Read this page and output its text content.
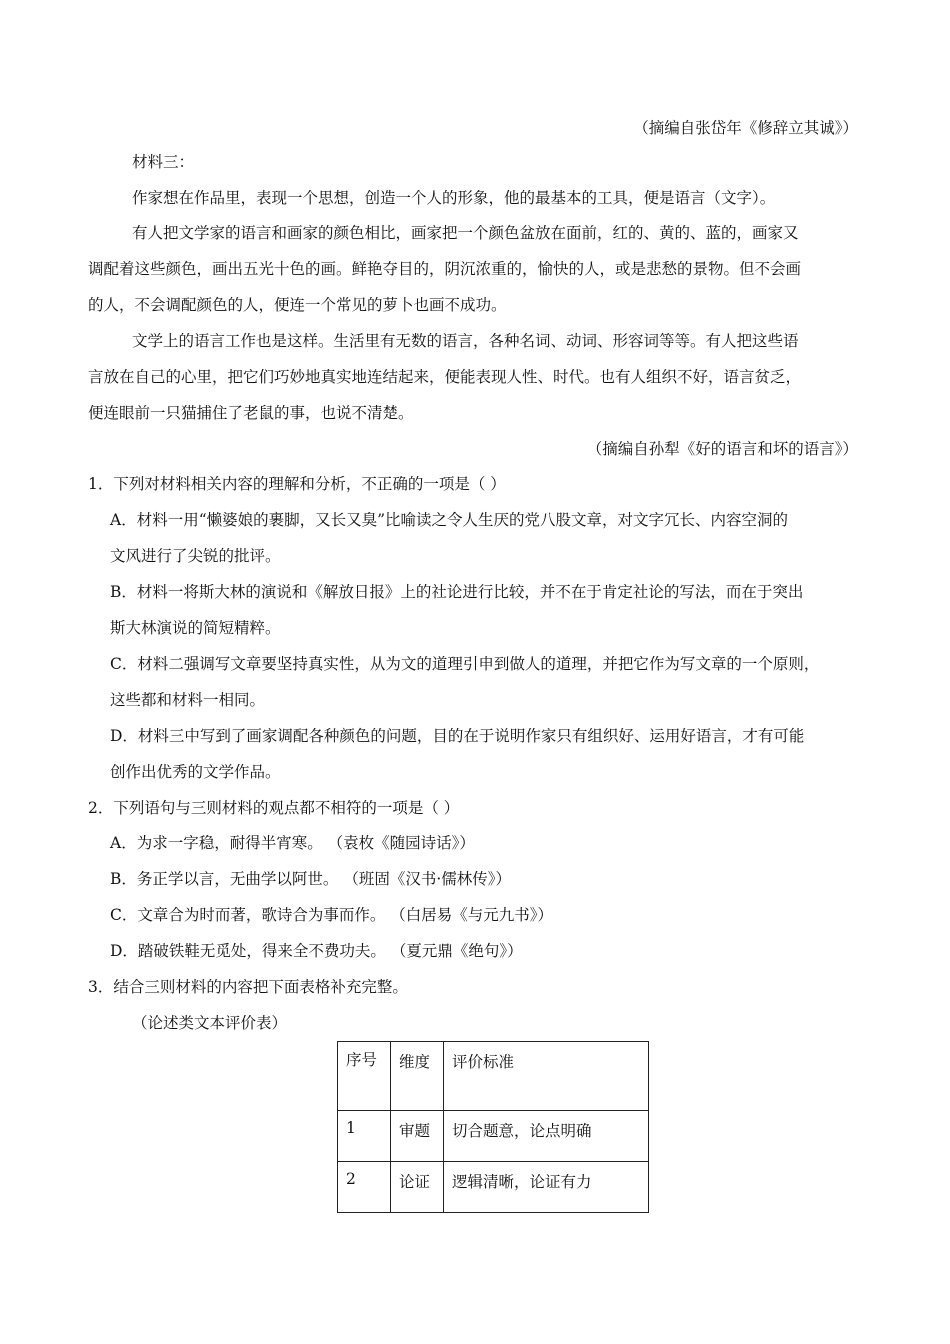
（摘编自张岱年《修辞立其诚》）
材料三：
作家想在作品里，表现一个思想，创造一个人的形象，他的最基本的工具，便是语言（文字）。
有人把文学家的语言和画家的颜色相比，画家把一个颜色盆放在面前，红的、黄的、蓝的，画家又
调配着这些颜色，画出五光十色的画。鲜艳夺目的，阴沉浓重的，愉快的人，或是悲愁的景物。但不会画
的人，不会调配颜色的人，便连一个常见的萝卜也画不成功。
文学上的语言工作也是这样。生活里有无数的语言，各种名词、动词、形容词等等。有人把这些语
言放在自己的心里，把它们巧妙地真实地连结起来，便能表现人性、时代。也有人组织不好，语言贫乏，
便连眼前一只猫捕住了老鼠的事，也说不清楚。
（摘编自孙犁《好的语言和坏的语言》）
1．下列对材料相关内容的理解和分析，不正确的一项是（ ）
A．材料一用“懒婆娘的裹脚，又长又臭”比喻读之令人生厌的党八股文章，对文字冗长、内容空洞的
文风进行了尖锐的批评。
B．材料一将斯大林的演说和《解放日报》上的社论进行比较，并不在于肯定社论的写法，而在于突出
斯大林演说的简短精粹。
C．材料二强调写文章要坚持真实性，从为文的道理引申到做人的道理，并把它作为写文章的一个原则，
这些都和材料一相同。
D．材料三中写到了画家调配各种颜色的问题，目的在于说明作家只有组织好、运用好语言，才有可能
创作出优秀的文学作品。
2．下列语句与三则材料的观点都不相符的一项是（ ）
A．为求一字稳，耐得半宵寒。 （袁枚《随园诗话》）
B．务正学以言，无曲学以阿世。 （班固《汉书·儒林传》）
C．文章合为时而著，歌诗合为事而作。 （白居易《与元九书》）
D．踏破铁鞋无觅处，得来全不费功夫。 （夏元鼎《绝句》）
3．结合三则材料的内容把下面表格补充完整。
（论述类文本评价表）
序号	维度	评价标准
1	审题	切合题意，论点明确
2	论证	逻辑清晰，论证有力
